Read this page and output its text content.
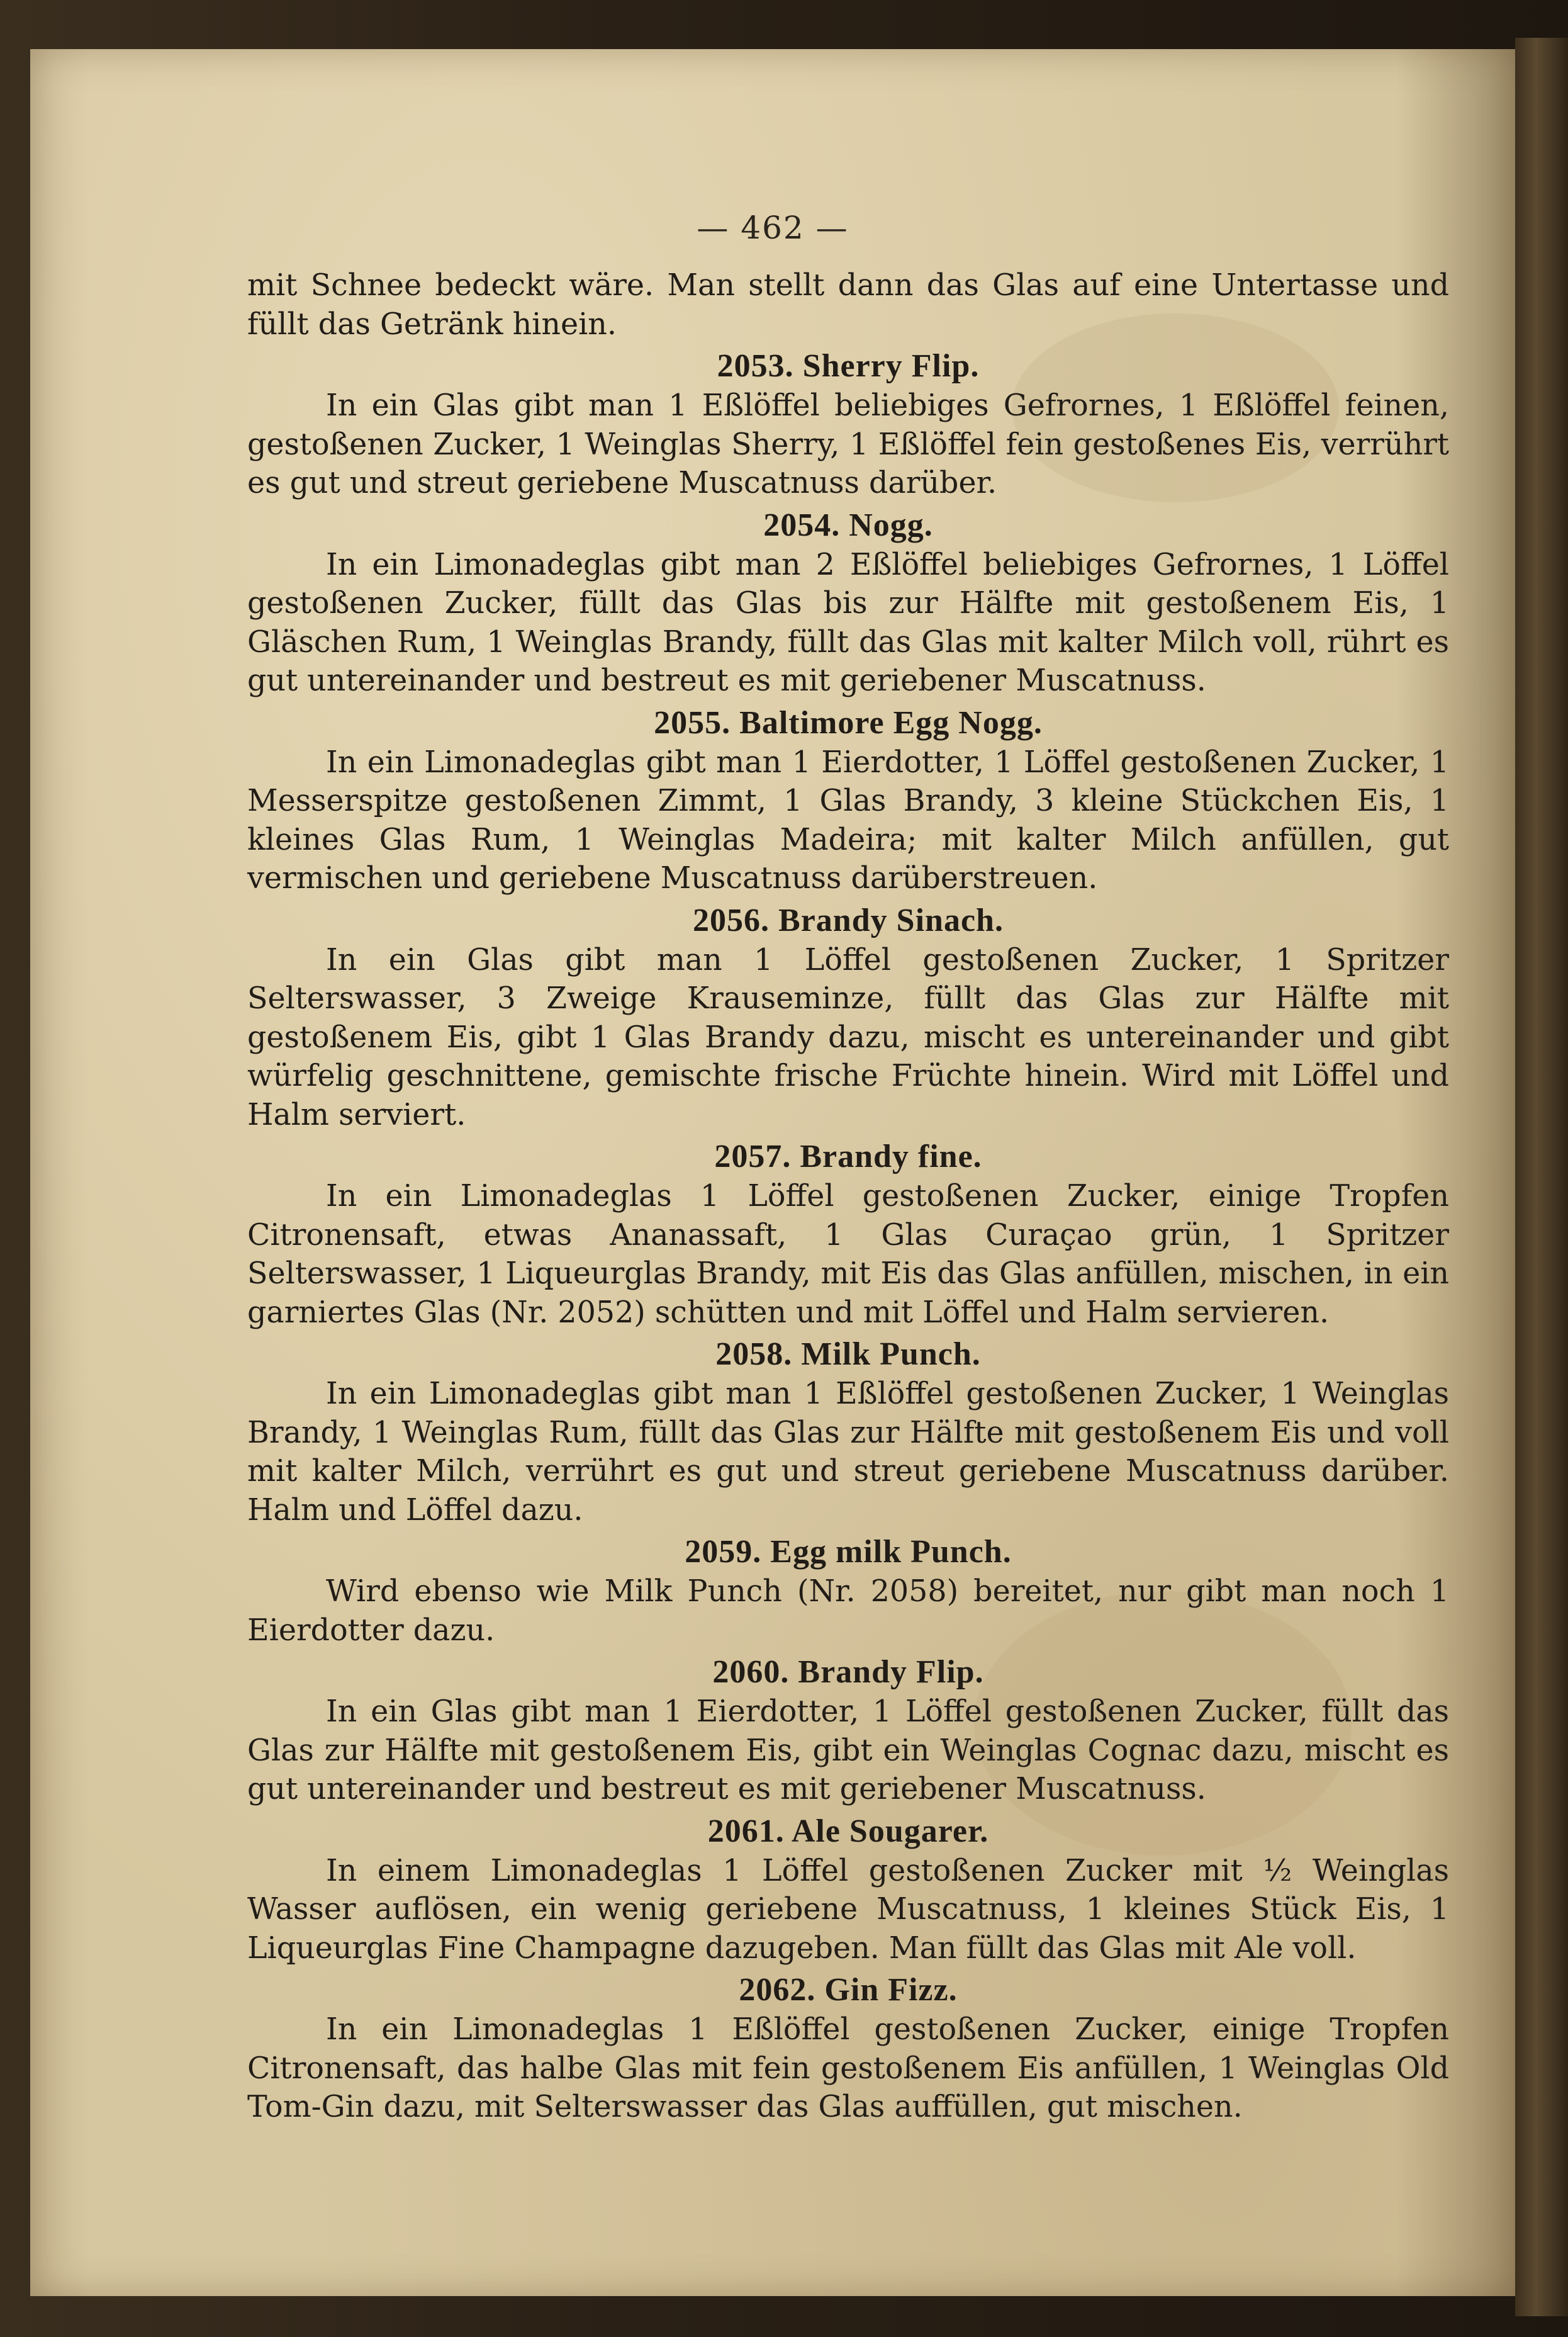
— 462 —

mit Schnee bedeckt wäre. Man stellt dann das Glas auf eine Untertasse und füllt das Getränk hinein.

2053. Sherry Flip.

In ein Glas gibt man 1 Eßlöffel beliebiges Gefrornes, 1 Eßlöffel feinen, gestoßenen Zucker, 1 Weinglas Sherry, 1 Eßlöffel fein gestoßenes Eis, verrührt es gut und streut geriebene Muscatnuss darüber.

2054. Nogg.

In ein Limonadeglas gibt man 2 Eßlöffel beliebiges Gefrornes, 1 Löffel gestoßenen Zucker, füllt das Glas bis zur Hälfte mit gestoßenem Eis, 1 Gläschen Rum, 1 Weinglas Brandy, füllt das Glas mit kalter Milch voll, rührt es gut untereinander und bestreut es mit geriebener Muscatnuss.

2055. Baltimore Egg Nogg.

In ein Limonadeglas gibt man 1 Eierdotter, 1 Löffel gestoßenen Zucker, 1 Messerspitze gestoßenen Zimmt, 1 Glas Brandy, 3 kleine Stückchen Eis, 1 kleines Glas Rum, 1 Weinglas Madeira; mit kalter Milch anfüllen, gut vermischen und geriebene Muscatnuss darüberstreuen.

2056. Brandy Sinach.

In ein Glas gibt man 1 Löffel gestoßenen Zucker, 1 Spritzer Selterswasser, 3 Zweige Krauseminze, füllt das Glas zur Hälfte mit gestoßenem Eis, gibt 1 Glas Brandy dazu, mischt es untereinander und gibt würfelig geschnittene, gemischte frische Früchte hinein. Wird mit Löffel und Halm serviert.

2057. Brandy fine.

In ein Limonadeglas 1 Löffel gestoßenen Zucker, einige Tropfen Citronensaft, etwas Ananassaft, 1 Glas Curaçao grün, 1 Spritzer Selterswasser, 1 Liqueurglas Brandy, mit Eis das Glas anfüllen, mischen, in ein garniertes Glas (Nr. 2052) schütten und mit Löffel und Halm servieren.

2058. Milk Punch.

In ein Limonadeglas gibt man 1 Eßlöffel gestoßenen Zucker, 1 Weinglas Brandy, 1 Weinglas Rum, füllt das Glas zur Hälfte mit gestoßenem Eis und voll mit kalter Milch, verrührt es gut und streut geriebene Muscatnuss darüber. Halm und Löffel dazu.

2059. Egg milk Punch.

Wird ebenso wie Milk Punch (Nr. 2058) bereitet, nur gibt man noch 1 Eierdotter dazu.

2060. Brandy Flip.

In ein Glas gibt man 1 Eierdotter, 1 Löffel gestoßenen Zucker, füllt das Glas zur Hälfte mit gestoßenem Eis, gibt ein Weinglas Cognac dazu, mischt es gut untereinander und bestreut es mit geriebener Muscatnuss.

2061. Ale Sougarer.

In einem Limonadeglas 1 Löffel gestoßenen Zucker mit ½ Weinglas Wasser auflösen, ein wenig geriebene Muscatnuss, 1 kleines Stück Eis, 1 Liqueurglas Fine Champagne dazugeben. Man füllt das Glas mit Ale voll.

2062. Gin Fizz.

In ein Limonadeglas 1 Eßlöffel gestoßenen Zucker, einige Tropfen Citronensaft, das halbe Glas mit fein gestoßenem Eis anfüllen, 1 Weinglas Old Tom-Gin dazu, mit Selterswasser das Glas auffüllen, gut mischen.
